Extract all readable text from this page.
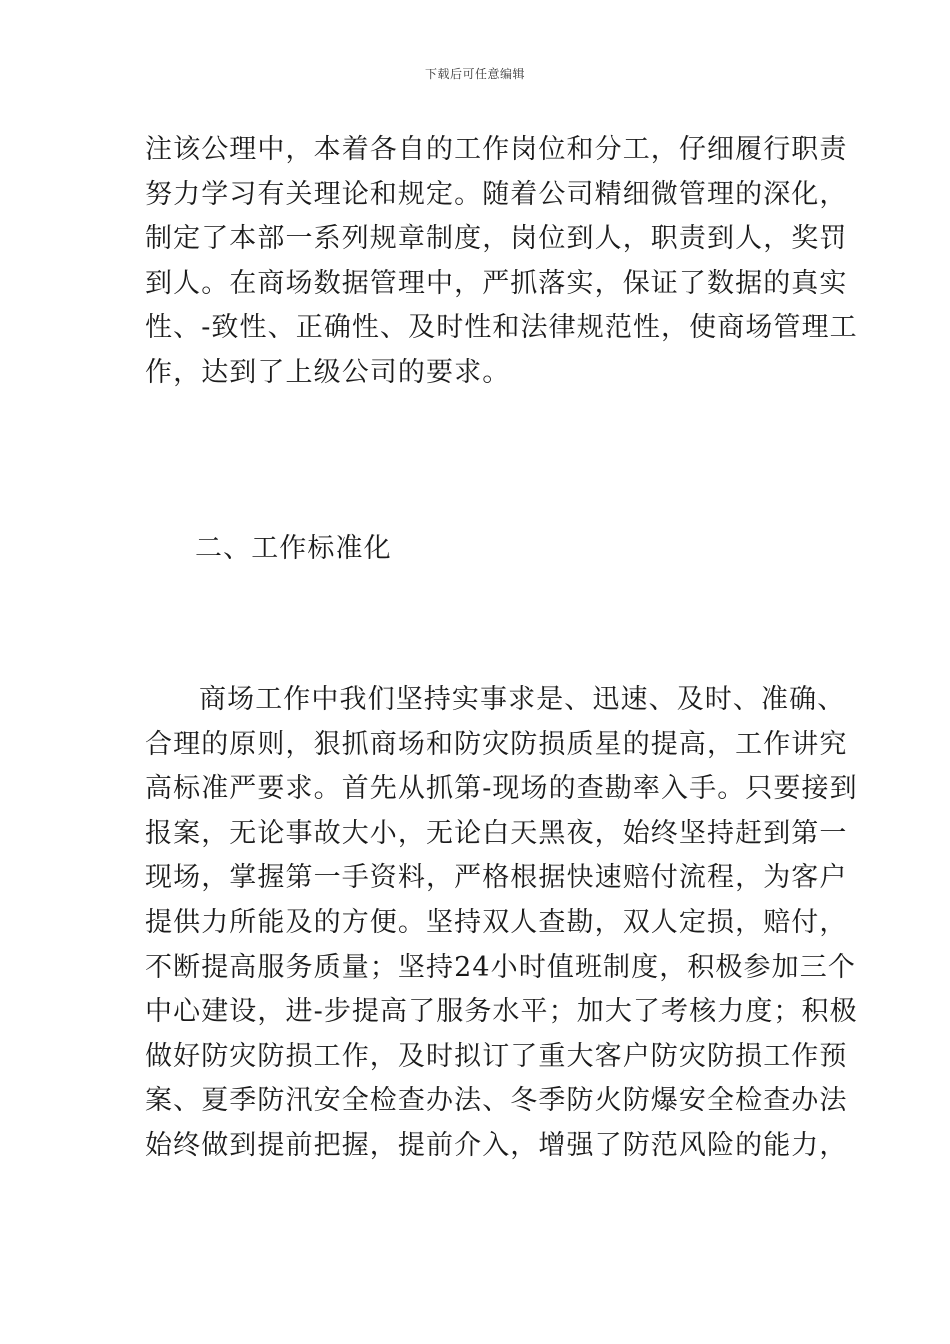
下载后可任意编辑
注该公理中，本着各自的工作岗位和分工，仔细履行职责
努力学习有关理论和规定。随着公司精细微管理的深化，
制定了本部一系列规章制度，岗位到人，职责到人，奖罚
到人。在商场数据管理中，严抓落实，保证了数据的真实
性、-致性、正确性、及时性和法律规范性，使商场管理工
作，达到了上级公司的要求。
二、工作标准化
商场工作中我们坚持实事求是、迅速、及时、准确、
合理的原则，狠抓商场和防灾防损质星的提高，工作讲究
高标准严要求。首先从抓第-现场的查勘率入手。只要接到
报案，无论事故大小，无论白天黑夜，始终坚持赶到第一
现场，掌握第一手资料，严格根据快速赔付流程，为客户
提供力所能及的方便。坚持双人查勘，双人定损，赔付，
不断提高服务质量；坚持24小时值班制度，积极参加三个
中心建设，进-步提高了服务水平；加大了考核力度；积极
做好防灾防损工作，及时拟订了重大客户防灾防损工作预
案、夏季防汛安全检查办法、冬季防火防爆安全检查办法
始终做到提前把握，提前介入，增强了防范风险的能力，
